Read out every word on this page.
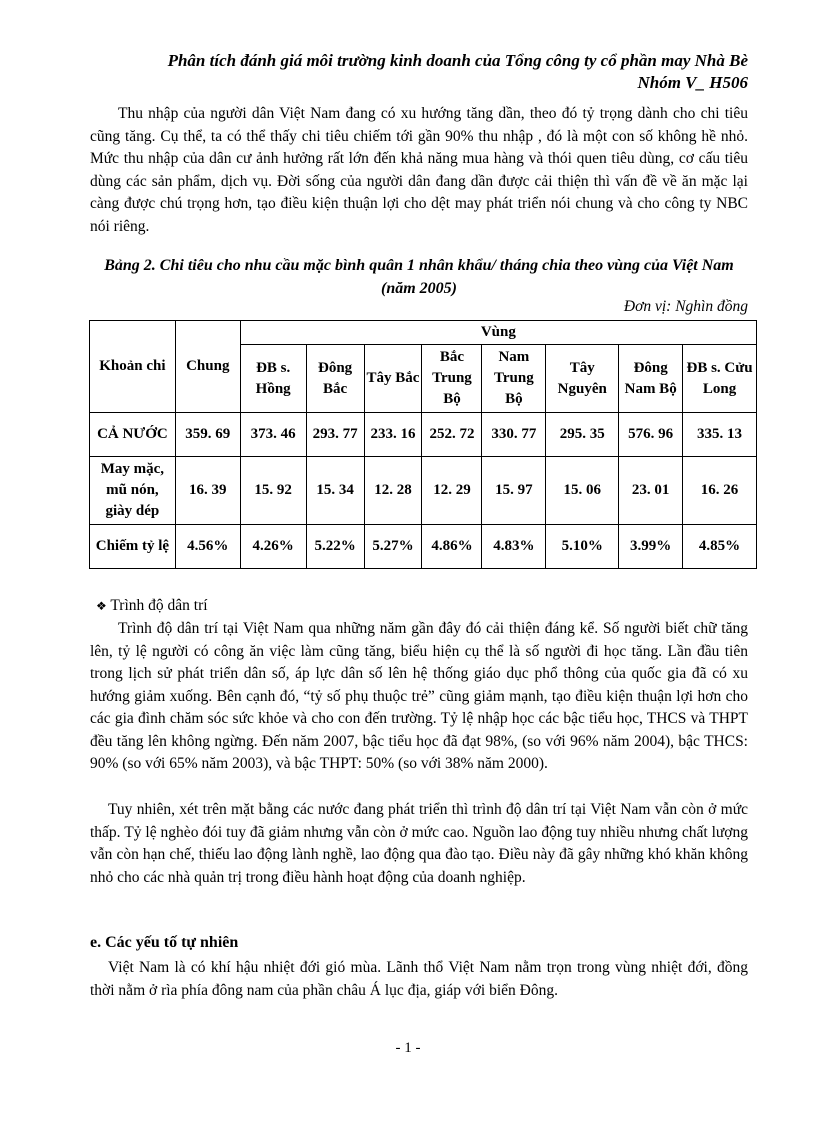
Phân tích đánh giá môi trường kinh doanh của Tổng công ty cổ phần may Nhà Bè
Nhóm V_ H506

Thu nhập của người dân Việt Nam đang có xu hướng tăng dần, theo đó tỷ trọng dành cho chi tiêu cũng tăng. Cụ thể, ta có thể thấy chi tiêu chiếm tới gần 90% thu nhập , đó là một con số không hề nhỏ. Mức thu nhập của dân cư ảnh hưởng rất lớn đến khả năng mua hàng và thói quen tiêu dùng, cơ cấu tiêu dùng các sản phẩm, dịch vụ. Đời sống của người dân đang dần được cải thiện thì vấn đề về ăn mặc lại càng được chú trọng hơn, tạo điều kiện thuận lợi cho dệt may phát triển nói chung và cho công ty NBC nói riêng.

Bảng 2. Chi tiêu cho nhu cầu mặc bình quân 1 nhân khẩu/ tháng chia theo vùng của Việt Nam
(năm 2005)
Đơn vị: Nghìn đồng
Khoản chi	Chung	Vùng							
		ĐB s. Hồng	Đông Bắc	Tây Bắc	Bắc Trung Bộ	Nam Trung Bộ	Tây Nguyên	Đông Nam Bộ	ĐB s. Cửu Long
CẢ NƯỚC	359. 69	373. 46	293. 77	233. 16	252. 72	330. 77	295. 35	576. 96	335. 13
May mặc, mũ nón, giày dép	16. 39	15. 92	15. 34	12. 28	12. 29	15. 97	15. 06	23. 01	16. 26
Chiếm tỷ lệ	4.56%	4.26%	5.22%	5.27%	4.86%	4.83%	5.10%	3.99%	4.85%
❖ Trình độ dân trí

Trình độ dân trí tại Việt Nam qua những năm gần đây đó cải thiện đáng kể. Số người biết chữ tăng lên, tỷ lệ người có công ăn việc làm cũng tăng, biểu hiện cụ thể là số người đi học tăng. Lần đầu tiên trong lịch sử phát triển dân số, áp lực dân số lên hệ thống giáo dục phổ thông của quốc gia đã có xu hướng giảm xuống. Bên cạnh đó, “tỷ số phụ thuộc trẻ” cũng giảm mạnh, tạo điều kiện thuận lợi hơn cho các gia đình chăm sóc sức khỏe và cho con đến trường. Tỷ lệ nhập học các bậc tiểu học, THCS và THPT đều tăng lên không ngừng. Đến năm 2007, bậc tiểu học đã đạt 98%, (so với 96% năm 2004), bậc THCS: 90% (so với 65% năm 2003), và bậc THPT: 50% (so với 38% năm 2000).

Tuy nhiên, xét trên mặt bằng các nước đang phát triển thì trình độ dân trí tại Việt Nam vẫn còn ở mức thấp. Tỷ lệ nghèo đói tuy đã giảm nhưng vẫn còn ở mức cao. Nguồn lao động tuy nhiều nhưng chất lượng vẫn còn hạn chế, thiếu lao động lành nghề, lao động qua đào tạo. Điều này đã gây những khó khăn không nhỏ cho các nhà quản trị trong điều hành hoạt động của doanh nghiệp.

e. Các yếu tố tự nhiên

Việt Nam là có khí hậu nhiệt đới gió mùa. Lãnh thổ Việt Nam nằm trọn trong vùng nhiệt đới, đồng thời nằm ở rìa phía đông nam của phần châu Á lục địa, giáp với biển Đông.

- 1 -
